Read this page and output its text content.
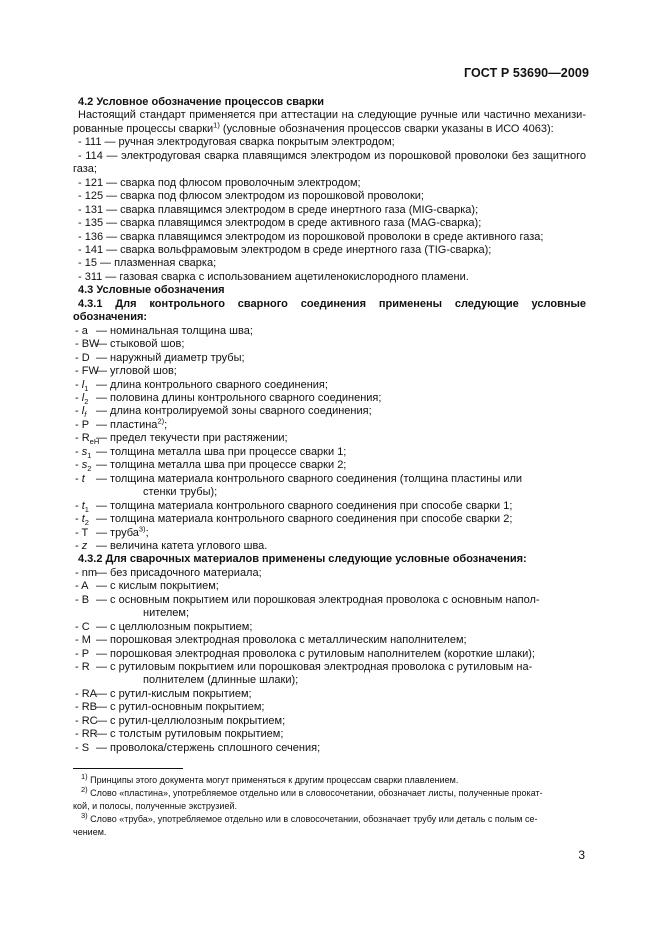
ГОСТ Р 53690—2009

4.2 Условное обозначение процессов сварки

Настоящий стандарт применяется при аттестации на следующие ручные или частично механизи-

рованные процессы сварки$^{1)}$ (условные обозначения процессов сварки указаны в ИСО 4063):

- 111 — ручная электродуговая сварка покрытым электродом;

- 114 — электродуговая сварка плавящимся электродом из порошковой проволоки без защитного

газа;

- 121 — сварка под флюсом проволочным электродом;

- 125 — сварка под флюсом электродом из порошковой проволоки;

- 131 — сварка плавящимся электродом в среде инертного газа (MIG-сварка);

- 135 — сварка плавящимся электродом в среде активного газа (MAG-сварка);

- 136 — сварка плавящимся электродом из порошковой проволоки в среде активного газа;

- 141 — сварка вольфрамовым электродом в среде инертного газа (TIG-сварка);

- 15 — плазменная сварка;

- 311 — газовая сварка с использованием ацетиленокислородного пламени.

4.3 Условные обозначения

4.3.1 Для контрольного сварного соединения применены следующие условные

обозначения:

- a — номинальная толщина шва;
- BW
— стыковой шов;
- D — наружный диаметр трубы;
- FW
— угловой шов;
- $l_1$ — длина контрольного сварного соединения;
- $l_2$ — половина длины контрольного сварного соединения;
- $l_f$ — длина контролируемой зоны сварного соединения;
- P — пластина$^{2)}$;
- $R_{eH}$
— предел текучести при растяжении;
- $s_1$ — толщина металла шва при процессе сварки 1;
- $s_2$ — толщина металла шва при процессе сварки 2;
- t	— толщина материала контрольного сварного соединения (толщина пластины или

стенки трубы);

- $t_1$ — толщина материала контрольного сварного соединения при способе сварки 1;
- $t_2$ — толщина материала контрольного сварного соединения при способе сварки 2;
- T — труба$^{3)}$;
- z — величина катета углового шва.

4.3.2 Для сварочных материалов применены следующие условные обозначения:

- nm — без присадочного материала;
- A — с кислым покрытием;
- B — с основным покрытием или порошковая электродная проволока с основным напол-

нителем;

- C — с целлюлозным покрытием;
- M — порошковая электродная проволока с металлическим наполнителем;
- P — порошковая электродная проволока с рутиловым наполнителем (короткие шлаки);
- R — с рутиловым покрытием или порошковая электродная проволока с рутиловым на-

полнителем (длинные шлаки);

- RA — с рутил-кислым покрытием;
- RB — с рутил-основным покрытием;
- RC
— с рутил-целлюлозным покрытием;
- RR
— с толстым рутиловым покрытием;
- S — проволока/стержень сплошного сечения;

$^{1)}$ Принципы этого документа могут применяться к другим процессам сварки плавлением.

$^{2)}$ Слово «пластина», употребляемое отдельно или в словосочетании, обозначает листы, полученные прокат-

кой, и полосы, полученные экструзией.

$^{3)}$ Слово «труба», употребляемое отдельно или в словосочетании, обозначает трубу или деталь с полым се-

чением.

3
